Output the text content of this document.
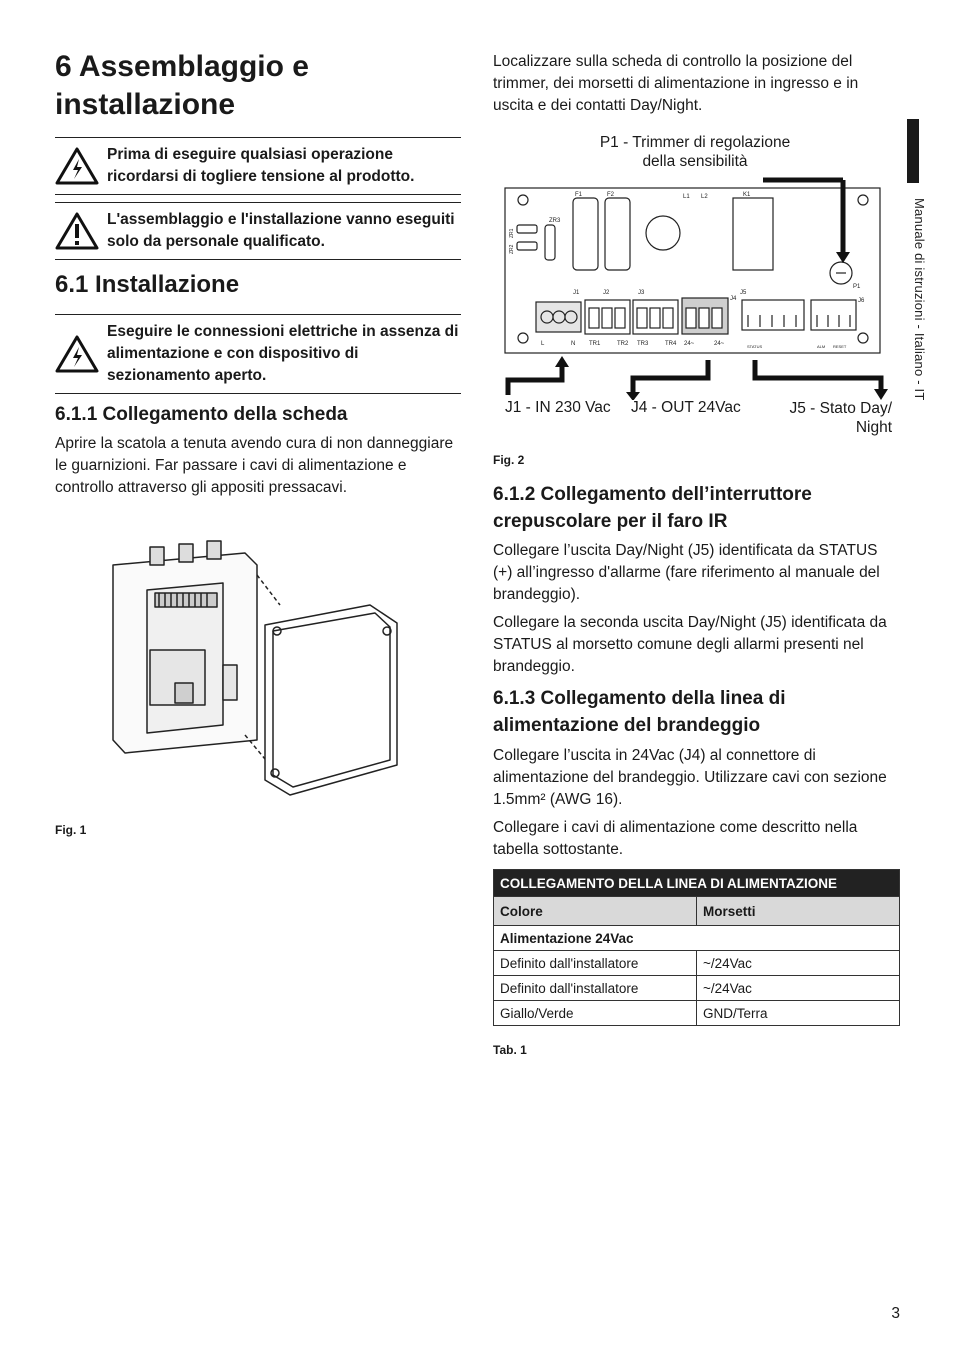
6 Assemblaggio e installazione
Prima di eseguire qualsiasi operazione ricordarsi di togliere tensione al prodotto.
L'assemblaggio e l'installazione vanno eseguiti solo da personale qualificato.
6.1 Installazione
Eseguire le connessioni elettriche in assenza di alimentazione e con dispositivo di sezionamento aperto.
6.1.1 Collegamento della scheda

Aprire la scatola a tenuta avendo cura di non danneggiare le guarnizioni. Far passare i cavi di alimentazione e controllo attraverso gli appositi pressacavi.

Fig. 1

Localizzare sulla scheda di controllo la posizione del trimmer, dei morsetti di alimentazione in ingresso e in uscita e dei contatti Day/Night.

P1 - Trimmer di regolazione
della sensibilità
F1	F2	L1 L2	K1
P1
ZR3
J1	J2	J3
J4
J5
J6
L	N TR1	TR2 TR3	TR4 24~	24~	STATUS	ALM RESET
ZR1
ZR2
J1 - IN 230 Vac J4 - OUT 24Vac	J5 - Stato Day/
Night
Fig. 2
6.1.2 Collegamento dell’interruttore crepuscolare per il faro IR

Collegare l’uscita Day/Night (J5) identificata da STATUS (+) all’ingresso d'allarme (fare riferimento al manuale del brandeggio).

Collegare la seconda uscita Day/Night (J5) identificata da STATUS al morsetto comune degli allarmi presenti nel brandeggio.

6.1.3 Collegamento della linea di alimentazione del brandeggio

Collegare l’uscita in 24Vac (J4) al connettore di alimentazione del brandeggio. Utilizzare cavi con sezione 1.5mm² (AWG 16).

Collegare i cavi di alimentazione come descritto nella tabella sottostante.

COLLEGAMENTO DELLA LINEA DI ALIMENTAZIONE	
Colore	Morsetti
Alimentazione 24Vac	
Definito dall'installatore	~/24Vac
Definito dall'installatore	~/24Vac
Giallo/Verde	GND/Terra
Tab. 1
Manuale di istruzioni - Italiano - IT
3
